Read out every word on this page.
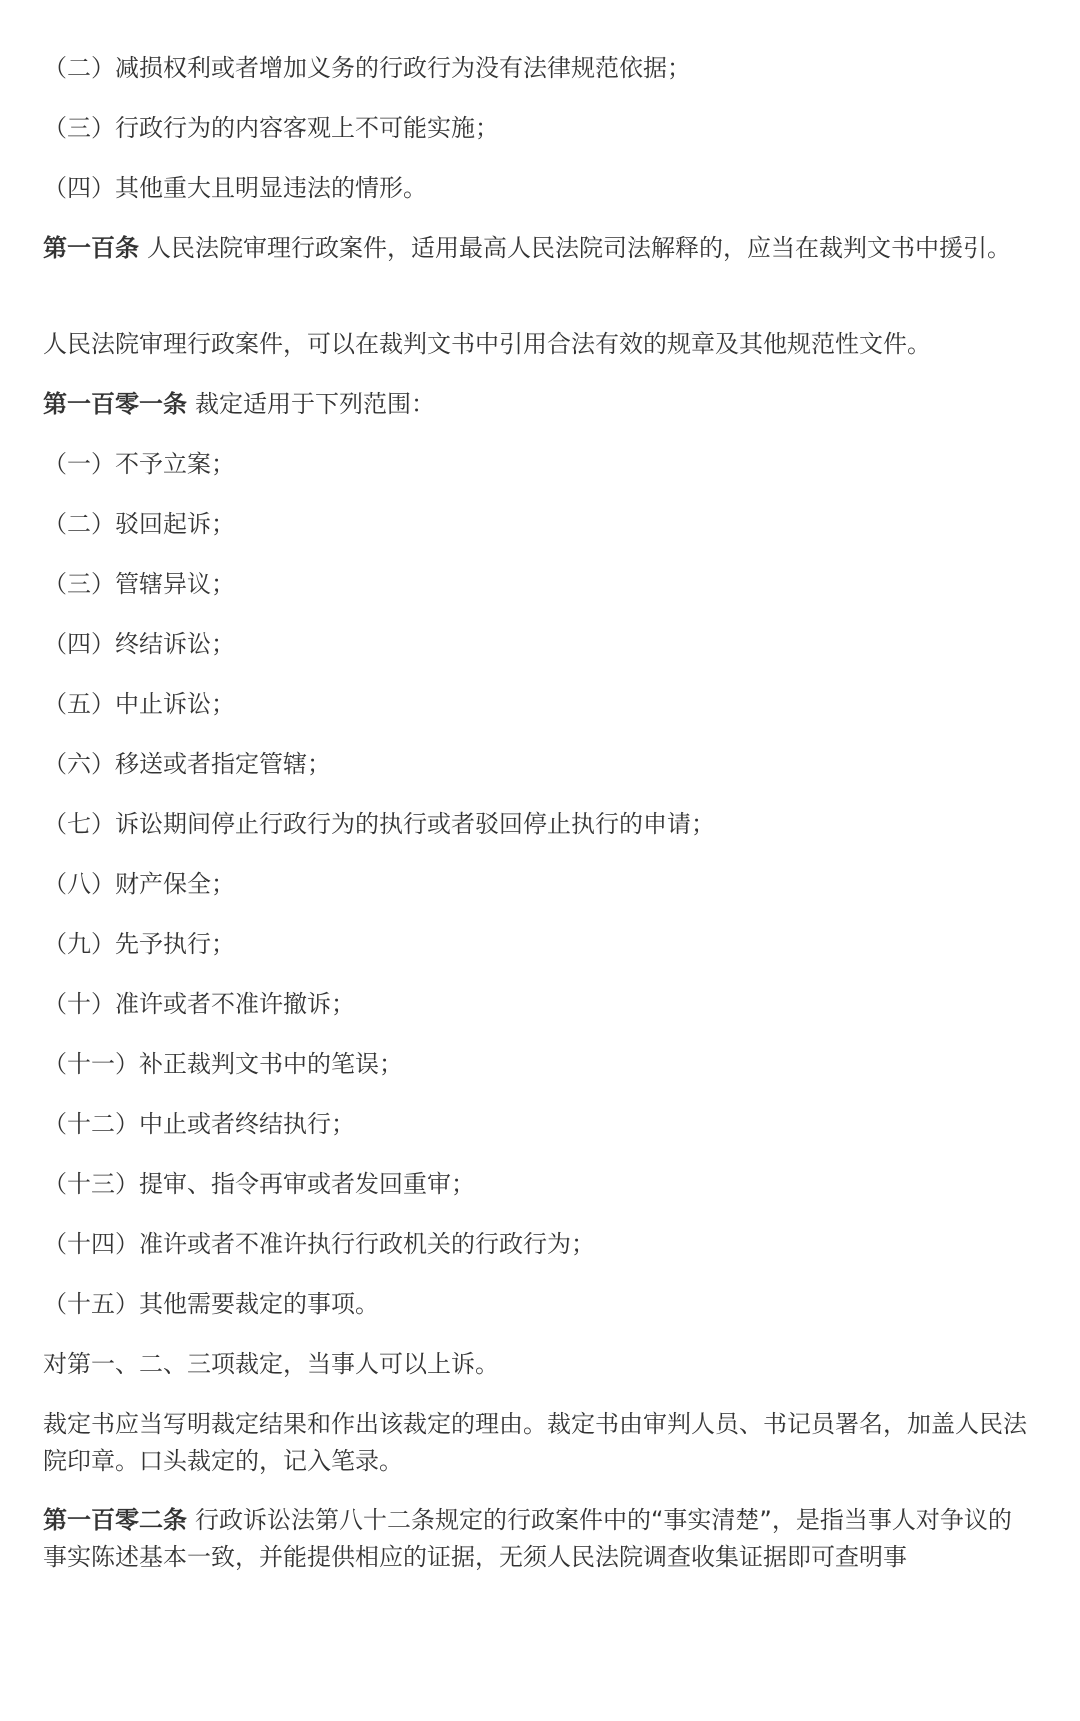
（二）减损权利或者增加义务的行政行为没有法律规范依据；

（三）行政行为的内容客观上不可能实施；

（四）其他重大且明显违法的情形。

第一百条 人民法院审理行政案件，适用最高人民法院司法解释的，应当在裁判文书中援引。

人民法院审理行政案件，可以在裁判文书中引用合法有效的规章及其他规范性文件。

第一百零一条 裁定适用于下列范围：

（一）不予立案；

（二）驳回起诉；

（三）管辖异议；

（四）终结诉讼；

（五）中止诉讼；

（六）移送或者指定管辖；

（七）诉讼期间停止行政行为的执行或者驳回停止执行的申请；

（八）财产保全；

（九）先予执行；

（十）准许或者不准许撤诉；

（十一）补正裁判文书中的笔误；

（十二）中止或者终结执行；

（十三）提审、指令再审或者发回重审；

（十四）准许或者不准许执行行政机关的行政行为；

（十五）其他需要裁定的事项。

对第一、二、三项裁定，当事人可以上诉。

裁定书应当写明裁定结果和作出该裁定的理由。裁定书由审判人员、书记员署名，加盖人民法院印章。口头裁定的，记入笔录。

第一百零二条 行政诉讼法第八十二条规定的行政案件中的“事实清楚”，是指当事人对争议的事实陈述基本一致，并能提供相应的证据，无须人民法院调查收集证据即可查明事
